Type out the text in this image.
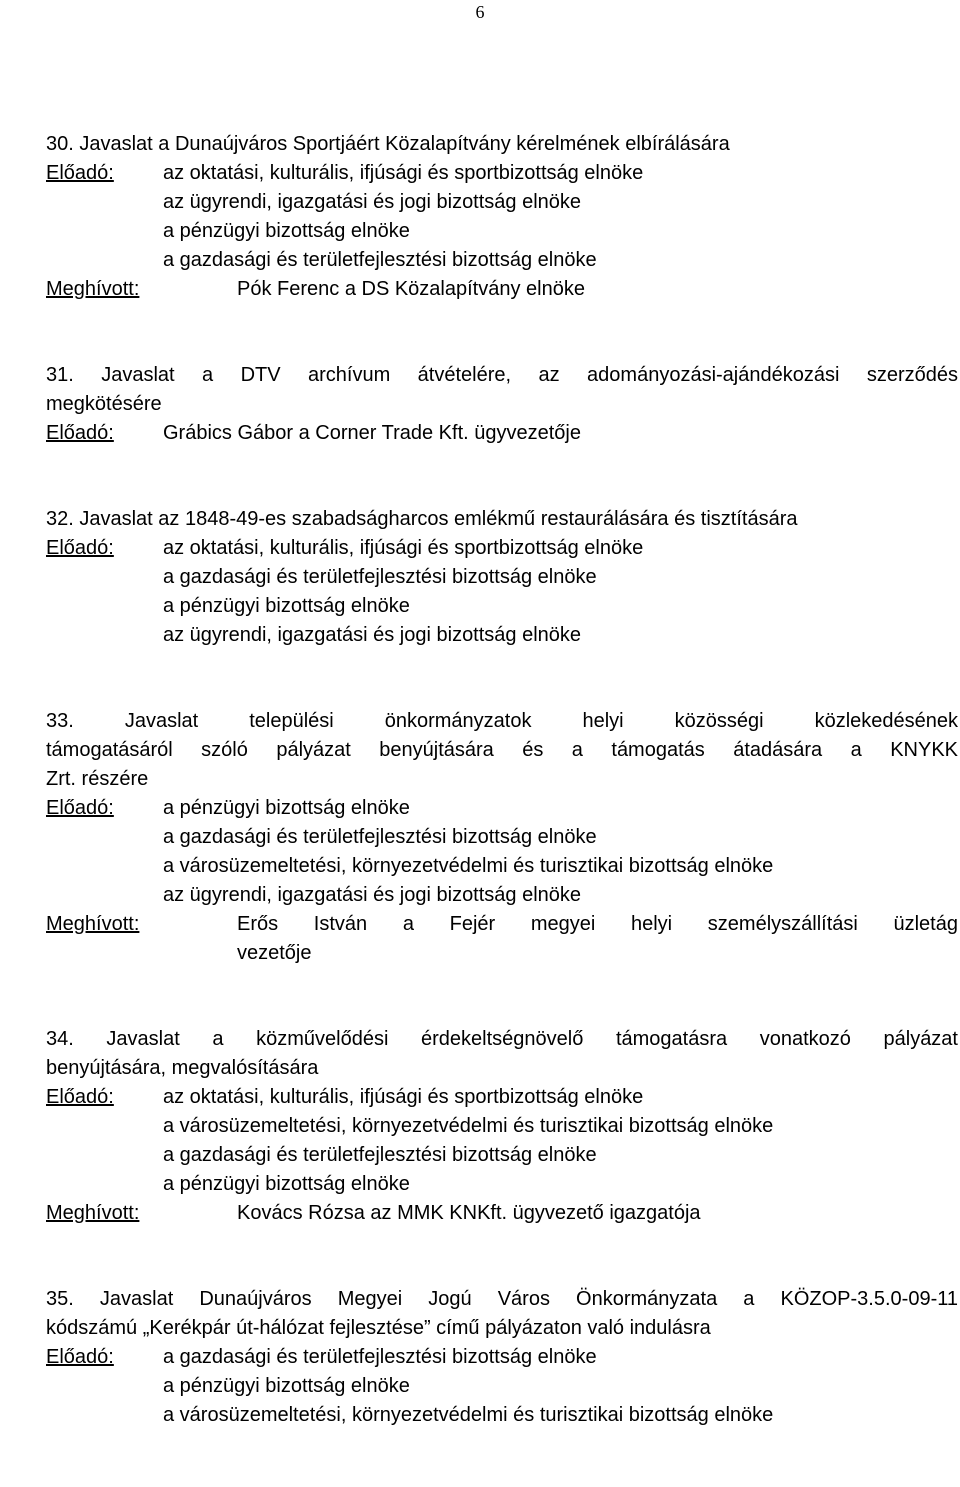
6
30. Javaslat a Dunaújváros Sportjáért Közalapítvány kérelmének elbírálására
Előadó: az oktatási, kulturális, ifjúsági és sportbizottság elnöke
az ügyrendi, igazgatási és jogi bizottság elnöke
a pénzügyi bizottság elnöke
a gazdasági és területfejlesztési bizottság elnöke
Meghívott:	Pók Ferenc a DS Közalapítvány elnöke
31. Javaslat a DTV archívum átvételére, az adományozási-ajándékozási szerződés
megkötésére
Előadó: Grábics Gábor a Corner Trade Kft. ügyvezetője
32. Javaslat az 1848-49-es szabadságharcos emlékmű restaurálására és tisztítására
Előadó: az oktatási, kulturális, ifjúsági és sportbizottság elnöke
a gazdasági és területfejlesztési bizottság elnöke
a pénzügyi bizottság elnöke
az ügyrendi, igazgatási és jogi bizottság elnöke
33. Javaslat települési önkormányzatok helyi közösségi közlekedésének
támogatásáról szóló pályázat benyújtására és a támogatás átadására a KNYKK
Zrt. részére
Előadó: a pénzügyi bizottság elnöke
a gazdasági és területfejlesztési bizottság elnöke
a városüzemeltetési, környezetvédelmi és turisztikai bizottság elnöke
az ügyrendi, igazgatási és jogi bizottság elnöke
Meghívott:	Erős István a Fejér megyei helyi személyszállítási üzletág
vezetője
34. Javaslat a közművelődési érdekeltségnövelő támogatásra vonatkozó pályázat
benyújtására, megvalósítására
Előadó: az oktatási, kulturális, ifjúsági és sportbizottság elnöke
a városüzemeltetési, környezetvédelmi és turisztikai bizottság elnöke
a gazdasági és területfejlesztési bizottság elnöke
a pénzügyi bizottság elnöke
Meghívott:	Kovács Rózsa az MMK KNKft. ügyvezető igazgatója
35. Javaslat Dunaújváros Megyei Jogú Város Önkormányzata a KÖZOP-3.5.0-09-11
kódszámú „Kerékpár út-hálózat fejlesztése” című pályázaton való indulásra
Előadó: a gazdasági és területfejlesztési bizottság elnöke
a pénzügyi bizottság elnöke
a városüzemeltetési, környezetvédelmi és turisztikai bizottság elnöke
